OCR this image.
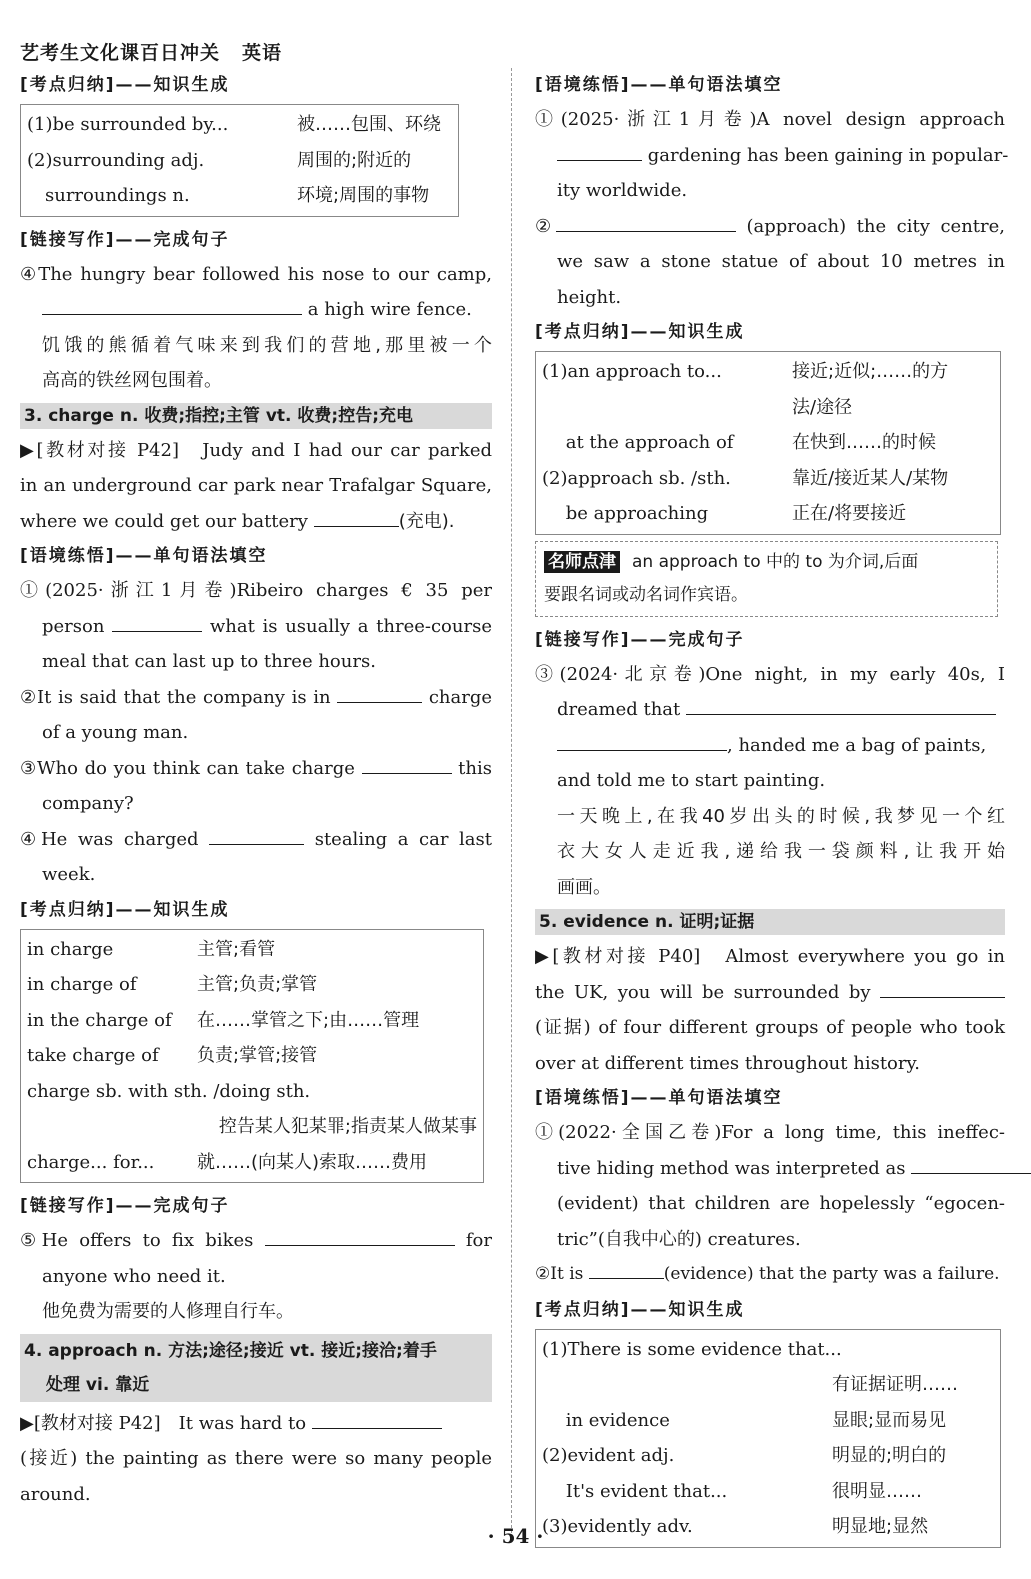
艺考生文化课百日冲关 英语
[考点归纳]——知识生成
(1)be surrounded by...	被……包围、环绕
(2)surrounding adj.	周围的;附近的
　surroundings n.	环境;周围的事物
[链接写作]——完成句子
④The hungry bear followed his nose to our camp,
a high wire fence.
饥饿的熊循着气味来到我们的营地,那里被一个
高高的铁丝网包围着。
3. charge n. 收费;指控;主管 vt. 收费;控告;充电
▶[教材对接 P42]　Judy and I had our car parked
in an underground car park near Trafalgar Square,
where we could get our battery	(充电).
[语境练悟]——单句语法填空
①(2025·浙江1月卷)Ribeiro charges € 35 per
person	what is usually a three-course
meal that can last up to three hours.
②It is said that the company is in	charge
of a young man.
③Who do you think can take charge	this
company?
④He was charged	stealing a car last
week.
[考点归纳]——知识生成
in charge	主管;看管
in charge of	主管;负责;掌管
in the charge of	在……掌管之下;由……管理
take charge of	负责;掌管;接管
charge sb. with sth. /doing sth.
控告某人犯某罪;指责某人做某事
charge... for...	就……(向某人)索取……费用
[链接写作]——完成句子
⑤He offers to fix bikes	for
anyone who need it.
他免费为需要的人修理自行车。
4. approach n. 方法;途径;接近 vt. 接近;接洽;着手
处理 vi. 靠近
▶[教材对接 P42]　It was hard to
(接近) the painting as there were so many people
around.
[语境练悟]——单句语法填空
①(2025·浙江1月卷)A novel design approach
gardening has been gaining in popular-
ity worldwide.
②	(approach) the city centre,
we saw a stone statue of about 10 metres in
height.
[考点归纳]——知识生成
(1)an approach to...	接近;近似;……的方
法/途径
　 at the approach of	在快到……的时候
(2)approach sb. /sth.	靠近/接近某人/某物
　 be approaching	正在/将要接近
名师点津 an approach to 中的 to 为介词,后面
要跟名词或动名词作宾语。
[链接写作]——完成句子
③(2024·北京卷)One night, in my early 40s, I
dreamed that
, handed me a bag of paints,
and told me to start painting.
一天晚上,在我40岁出头的时候,我梦见一个红
衣大女人走近我,递给我一袋颜料,让我开始
画画。
5. evidence n. 证明;证据
▶[教材对接 P40]　Almost everywhere you go in
the UK, you will be surrounded by
(证据) of four different groups of people who took
over at different times throughout history.
[语境练悟]——单句语法填空
①(2022·全国乙卷)For a long time, this ineffec-
tive hiding method was interpreted as
(evident) that children are hopelessly “egocen-
tric”(自我中心的) creatures.
②It is	(evidence) that the party was a failure.
[考点归纳]——知识生成
(1)There is some evidence that...
有证据证明……
　 in evidence	显眼;显而易见
(2)evident adj.	明显的;明白的
　 It's evident that...	很明显……
(3)evidently adv.	明显地;显然
· 54 ·
